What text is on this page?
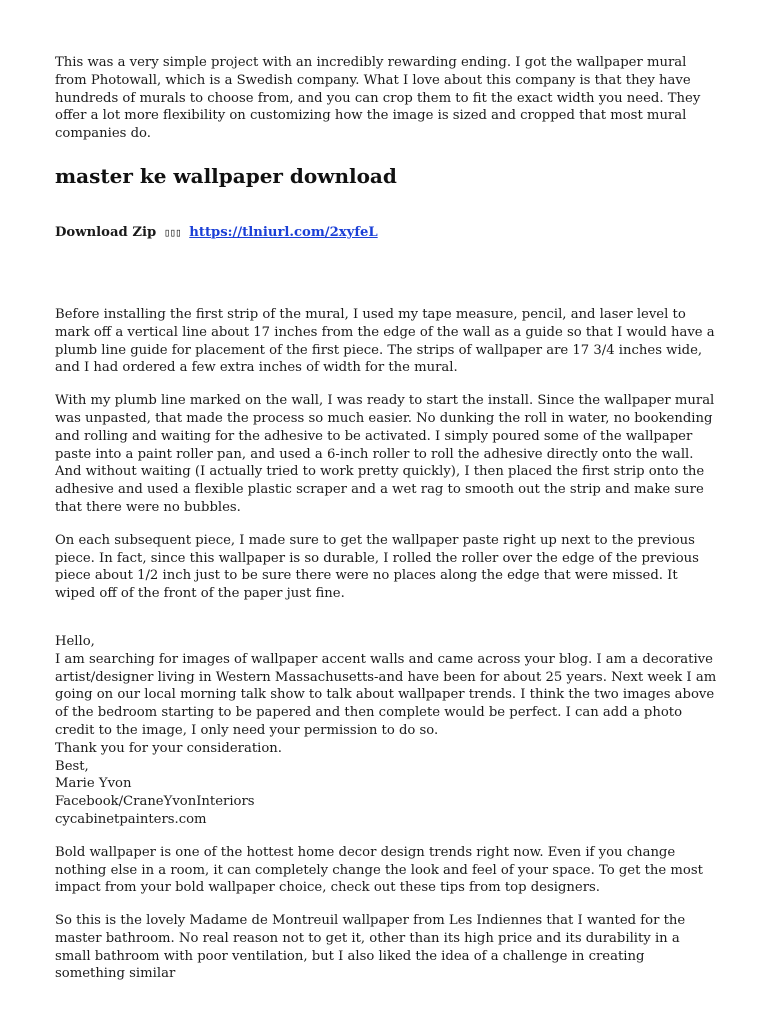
This was a very simple project with an incredibly rewarding ending. I got the wallpaper mural from Photowall, which is a Swedish company. What I love about this company is that they have hundreds of murals to choose from, and you can crop them to fit the exact width you need. They offer a lot more flexibility on customizing how the image is sized and cropped that most mural companies do.

master ke wallpaper download
Download Zip ▯▯▯ https://tlniurl.com/2xyfeL

Before installing the first strip of the mural, I used my tape measure, pencil, and laser level to mark off a vertical line about 17 inches from the edge of the wall as a guide so that I would have a plumb line guide for placement of the first piece. The strips of wallpaper are 17 3/4 inches wide, and I had ordered a few extra inches of width for the mural.

With my plumb line marked on the wall, I was ready to start the install. Since the wallpaper mural was unpasted, that made the process so much easier. No dunking the roll in water, no bookending and rolling and waiting for the adhesive to be activated. I simply poured some of the wallpaper paste into a paint roller pan, and used a 6-inch roller to roll the adhesive directly onto the wall. And without waiting (I actually tried to work pretty quickly), I then placed the first strip onto the adhesive and used a flexible plastic scraper and a wet rag to smooth out the strip and make sure that there were no bubbles.

On each subsequent piece, I made sure to get the wallpaper paste right up next to the previous piece. In fact, since this wallpaper is so durable, I rolled the roller over the edge of the previous piece about 1/2 inch just to be sure there were no places along the edge that were missed. It wiped off of the front of the paper just fine.

Hello,

I am searching for images of wallpaper accent walls and came across your blog. I am a decorative artist/designer living in Western Massachusetts-and have been for about 25 years. Next week I am going on our local morning talk show to talk about wallpaper trends. I think the two images above of the bedroom starting to be papered and then complete would be perfect. I can add a photo credit to the image, I only need your permission to do so.

Thank you for your consideration.

Best,

Marie Yvon

Facebook/CraneYvonInteriors

cycabinetpainters.com

Bold wallpaper is one of the hottest home decor design trends right now. Even if you change nothing else in a room, it can completely change the look and feel of your space. To get the most impact from your bold wallpaper choice, check out these tips from top designers.

So this is the lovely Madame de Montreuil wallpaper from Les Indiennes that I wanted for the master bathroom. No real reason not to get it, other than its high price and its durability in a small bathroom with poor ventilation, but I also liked the idea of a challenge in creating something similar
